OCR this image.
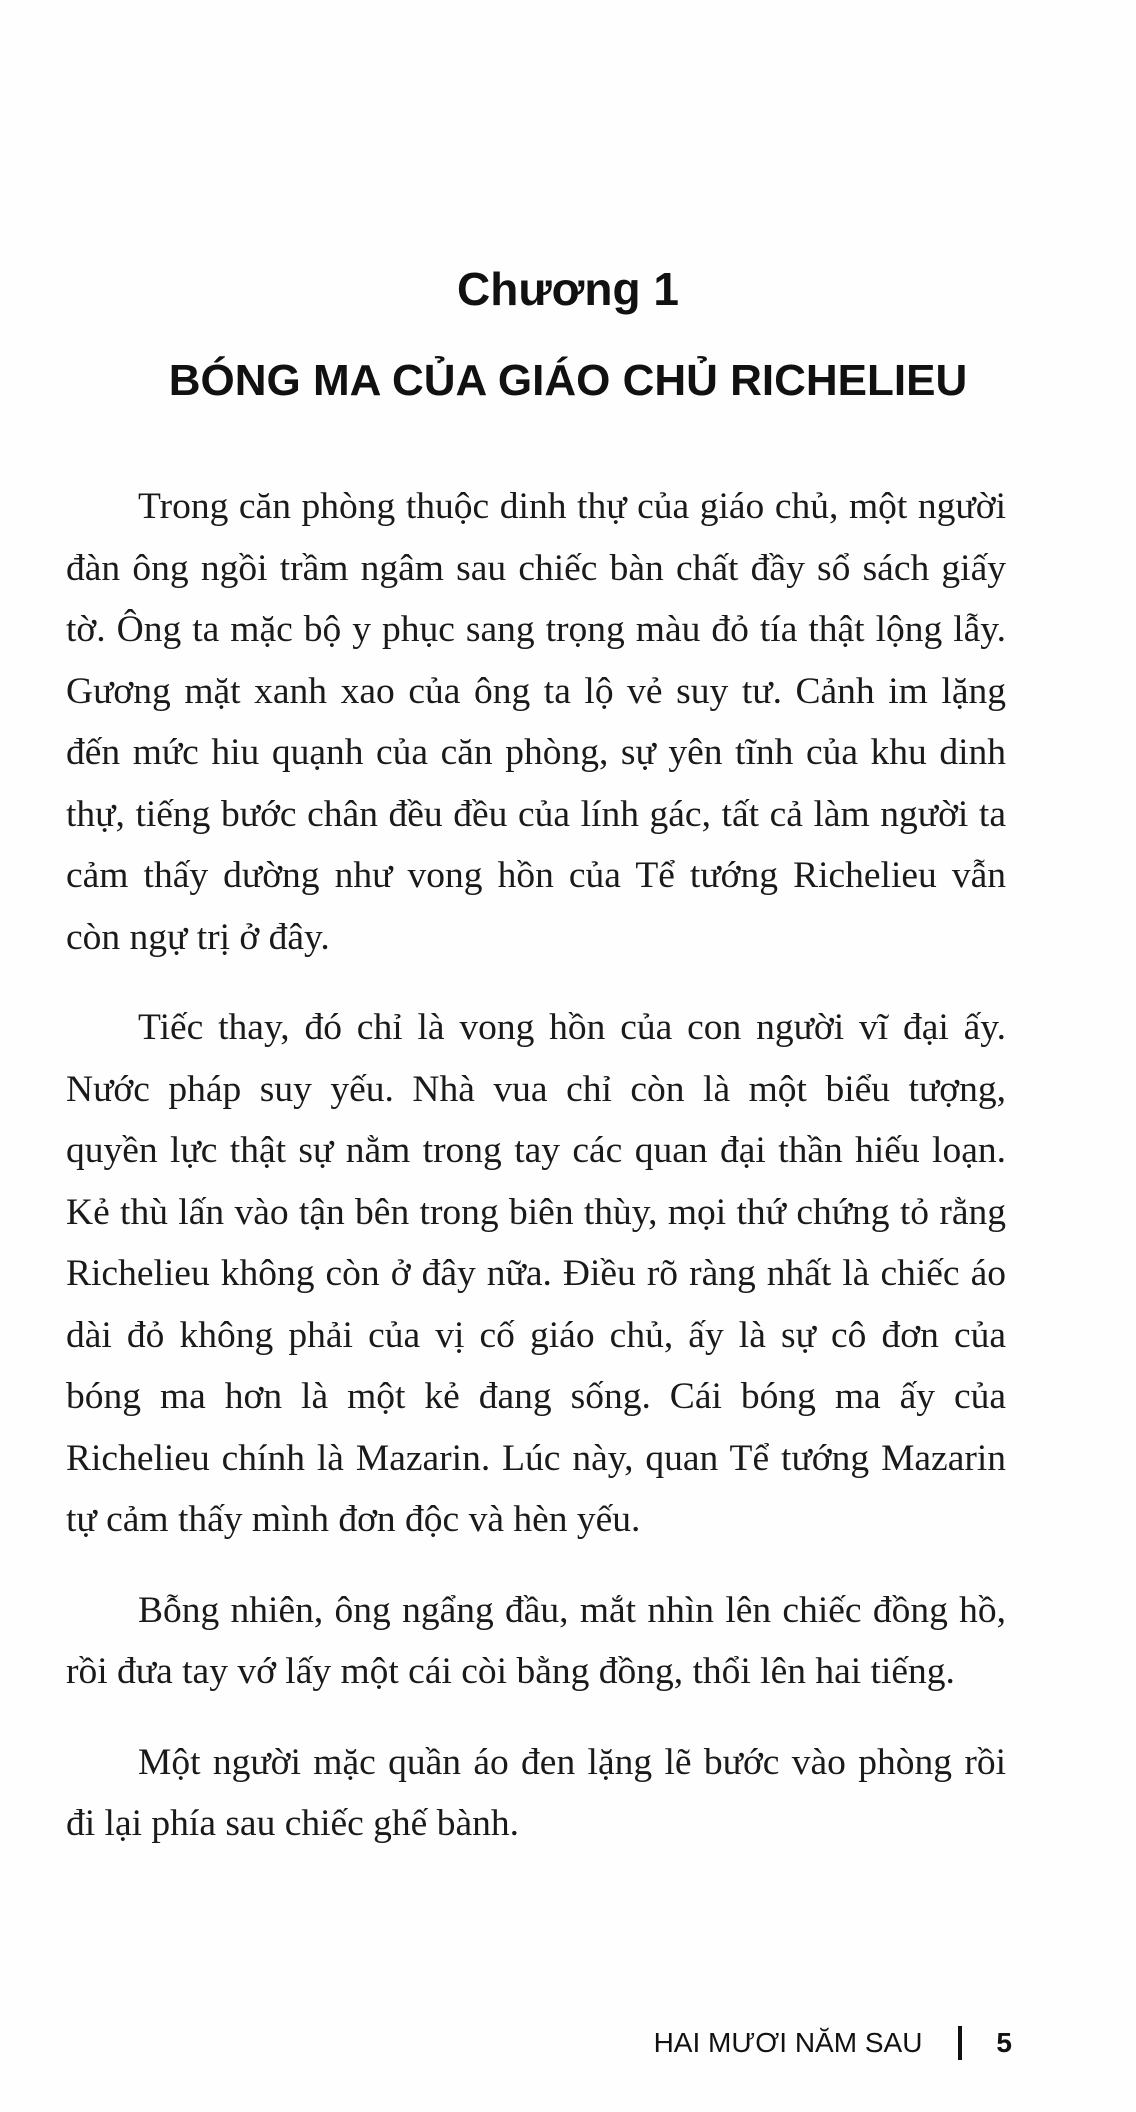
Chương 1
BÓNG MA CỦA GIÁO CHỦ RICHELIEU

Trong căn phòng thuộc dinh thự của giáo chủ, một người đàn ông ngồi trầm ngâm sau chiếc bàn chất đầy sổ sách giấy tờ. Ông ta mặc bộ y phục sang trọng màu đỏ tía thật lộng lẫy. Gương mặt xanh xao của ông ta lộ vẻ suy tư. Cảnh im lặng đến mức hiu quạnh của căn phòng, sự yên tĩnh của khu dinh thự, tiếng bước chân đều đều của lính gác, tất cả làm người ta cảm thấy dường như vong hồn của Tể tướng Richelieu vẫn còn ngự trị ở đây.

Tiếc thay, đó chỉ là vong hồn của con người vĩ đại ấy. Nước pháp suy yếu. Nhà vua chỉ còn là một biểu tượng, quyền lực thật sự nằm trong tay các quan đại thần hiếu loạn. Kẻ thù lấn vào tận bên trong biên thùy, mọi thứ chứng tỏ rằng Richelieu không còn ở đây nữa. Điều rõ ràng nhất là chiếc áo dài đỏ không phải của vị cố giáo chủ, ấy là sự cô đơn của bóng ma hơn là một kẻ đang sống. Cái bóng ma ấy của Richelieu chính là Mazarin. Lúc này, quan Tể tướng Mazarin tự cảm thấy mình đơn độc và hèn yếu.

Bỗng nhiên, ông ngẩng đầu, mắt nhìn lên chiếc đồng hồ, rồi đưa tay vớ lấy một cái còi bằng đồng, thổi lên hai tiếng.

Một người mặc quần áo đen lặng lẽ bước vào phòng rồi đi lại phía sau chiếc ghế bành.

HAI MƯƠI NĂM SAU	5
